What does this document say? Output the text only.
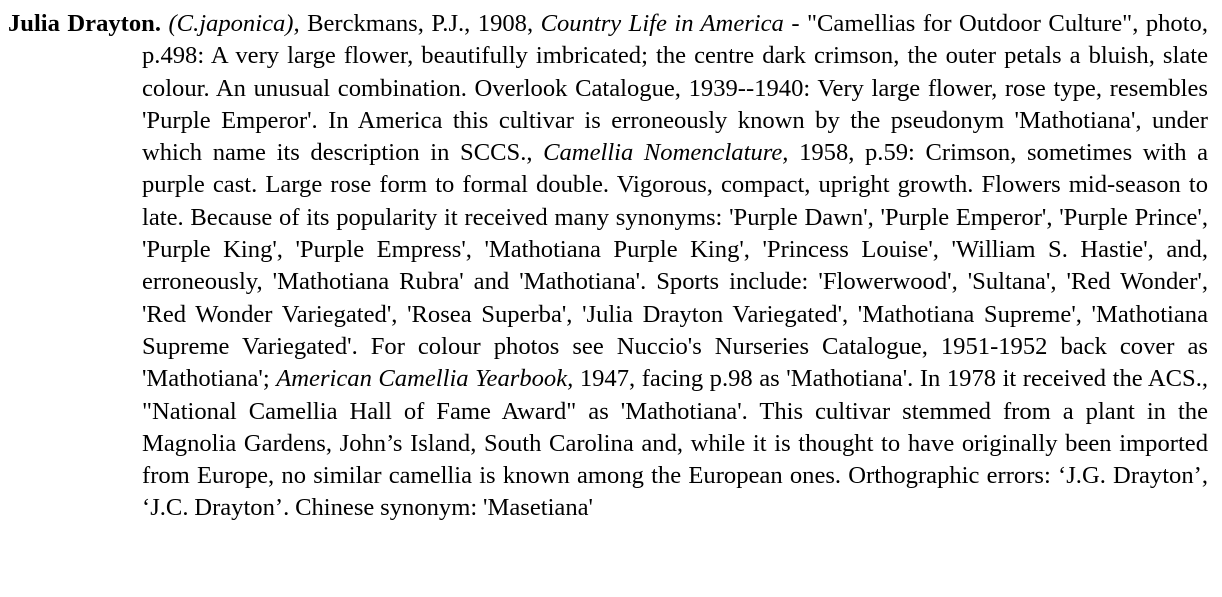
Julia Drayton. (C.japonica), Berckmans, P.J., 1908, Country Life in America - "Camellias for Outdoor Culture", photo, p.498: A very large flower, beautifully imbricated; the centre dark crimson, the outer petals a bluish, slate colour. An unusual combination. Overlook Catalogue, 1939--1940: Very large flower, rose type, resembles 'Purple Emperor'. In America this cultivar is erroneously known by the pseudonym 'Mathotiana', under which name its description in SCCS., Camellia Nomenclature, 1958, p.59: Crimson, sometimes with a purple cast. Large rose form to formal double. Vigorous, compact, upright growth. Flowers mid-season to late. Because of its popularity it received many synonyms: 'Purple Dawn', 'Purple Emperor', 'Purple Prince', 'Purple King', 'Purple Empress', 'Mathotiana Purple King', 'Princess Louise', 'William S. Hastie', and, erroneously, 'Mathotiana Rubra' and 'Mathotiana'. Sports include: 'Flowerwood', 'Sultana', 'Red Wonder', 'Red Wonder Variegated', 'Rosea Superba', 'Julia Drayton Variegated', 'Mathotiana Supreme', 'Mathotiana Supreme Variegated'. For colour photos see Nuccio's Nurseries Catalogue, 1951-1952 back cover as 'Mathotiana'; American Camellia Yearbook, 1947, facing p.98 as 'Mathotiana'. In 1978 it received the ACS., "National Camellia Hall of Fame Award" as 'Mathotiana'. This cultivar stemmed from a plant in the Magnolia Gardens, John’s Island, South Carolina and, while it is thought to have originally been imported from Europe, no similar camellia is known among the European ones. Orthographic errors: ‘J.G. Drayton’, ‘J.C. Drayton’. Chinese synonym: 'Masetiana'
